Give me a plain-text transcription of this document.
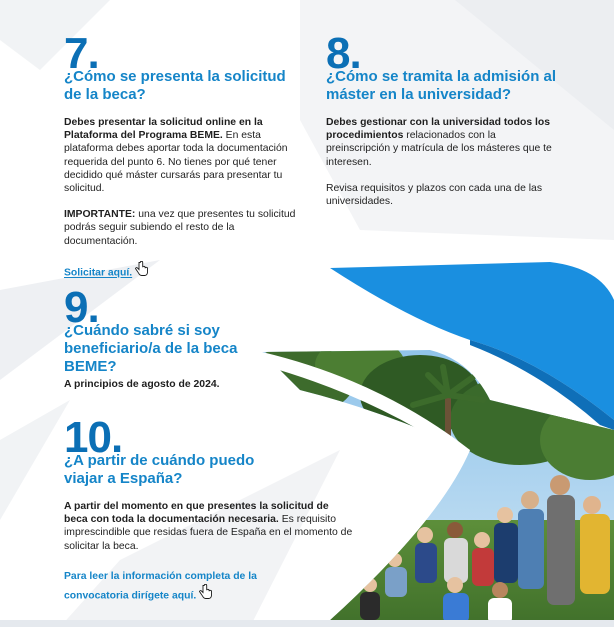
7.
¿Cómo se presenta la solicitud de la beca?

Debes presentar la solicitud online en la Plataforma del Programa BEME. En esta plataforma debes aportar toda la documentación requerida del punto 6. No tienes por qué tener decidido qué máster cursarás para presentar tu solicitud.

IMPORTANTE: una vez que presentes tu solicitud podrás seguir subiendo el resto de la documentación.

Solicitar aquí.
8.
¿Cómo se tramita la admisión al máster en la universidad?

Debes gestionar con la universidad todos los procedimientos relacionados con la preinscripción y matrícula de los másteres que te interesen.

Revisa requisitos y plazos con cada una de las universidades.

9.
¿Cuándo sabré si soy beneficiario/a de la beca BEME?

A principios de agosto de 2024.

10.
¿A partir de cuándo puedo viajar a España?

A partir del momento en que presentes la solicitud de beca con toda la documentación necesaria. Es requisito imprescindible que residas fuera de España en el momento de solicitar la beca.

Para leer la información completa de la convocatoria dirígete aquí.
